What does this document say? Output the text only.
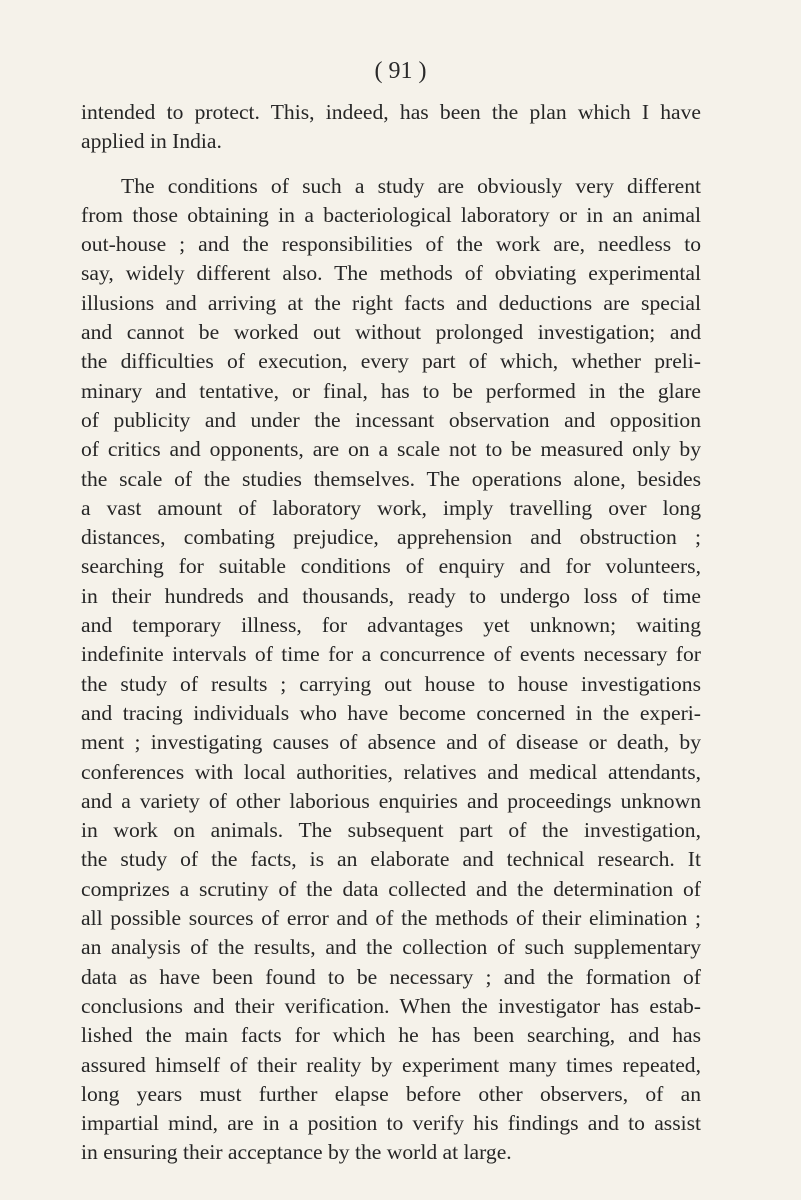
( 91 )
intended to protect. This, indeed, has been the plan which I have
applied in India.
The conditions of such a study are obviously very different
from those obtaining in a bacteriological laboratory or in an animal
out-house ; and the responsibilities of the work are, needless to
say, widely different also. The methods of obviating experimental
illusions and arriving at the right facts and deductions are special
and cannot be worked out without prolonged investigation; and
the difficulties of execution, every part of which, whether preli-
minary and tentative, or final, has to be performed in the glare
of publicity and under the incessant observation and opposition
of critics and opponents, are on a scale not to be measured only by
the scale of the studies themselves. The operations alone, besides
a vast amount of laboratory work, imply travelling over long
distances, combating prejudice, apprehension and obstruction ;
searching for suitable conditions of enquiry and for volunteers,
in their hundreds and thousands, ready to undergo loss of time
and temporary illness, for advantages yet unknown; waiting
indefinite intervals of time for a concurrence of events necessary for
the study of results ; carrying out house to house investigations
and tracing individuals who have become concerned in the experi-
ment ; investigating causes of absence and of disease or death, by
conferences with local authorities, relatives and medical attendants,
and a variety of other laborious enquiries and proceedings unknown
in work on animals. The subsequent part of the investigation,
the study of the facts, is an elaborate and technical research. It
comprizes a scrutiny of the data collected and the determination of
all possible sources of error and of the methods of their elimination ;
an analysis of the results, and the collection of such supplementary
data as have been found to be necessary ; and the formation of
conclusions and their verification. When the investigator has estab-
lished the main facts for which he has been searching, and has
assured himself of their reality by experiment many times repeated,
long years must further elapse before other observers, of an
impartial mind, are in a position to verify his findings and to assist
in ensuring their acceptance by the world at large.
